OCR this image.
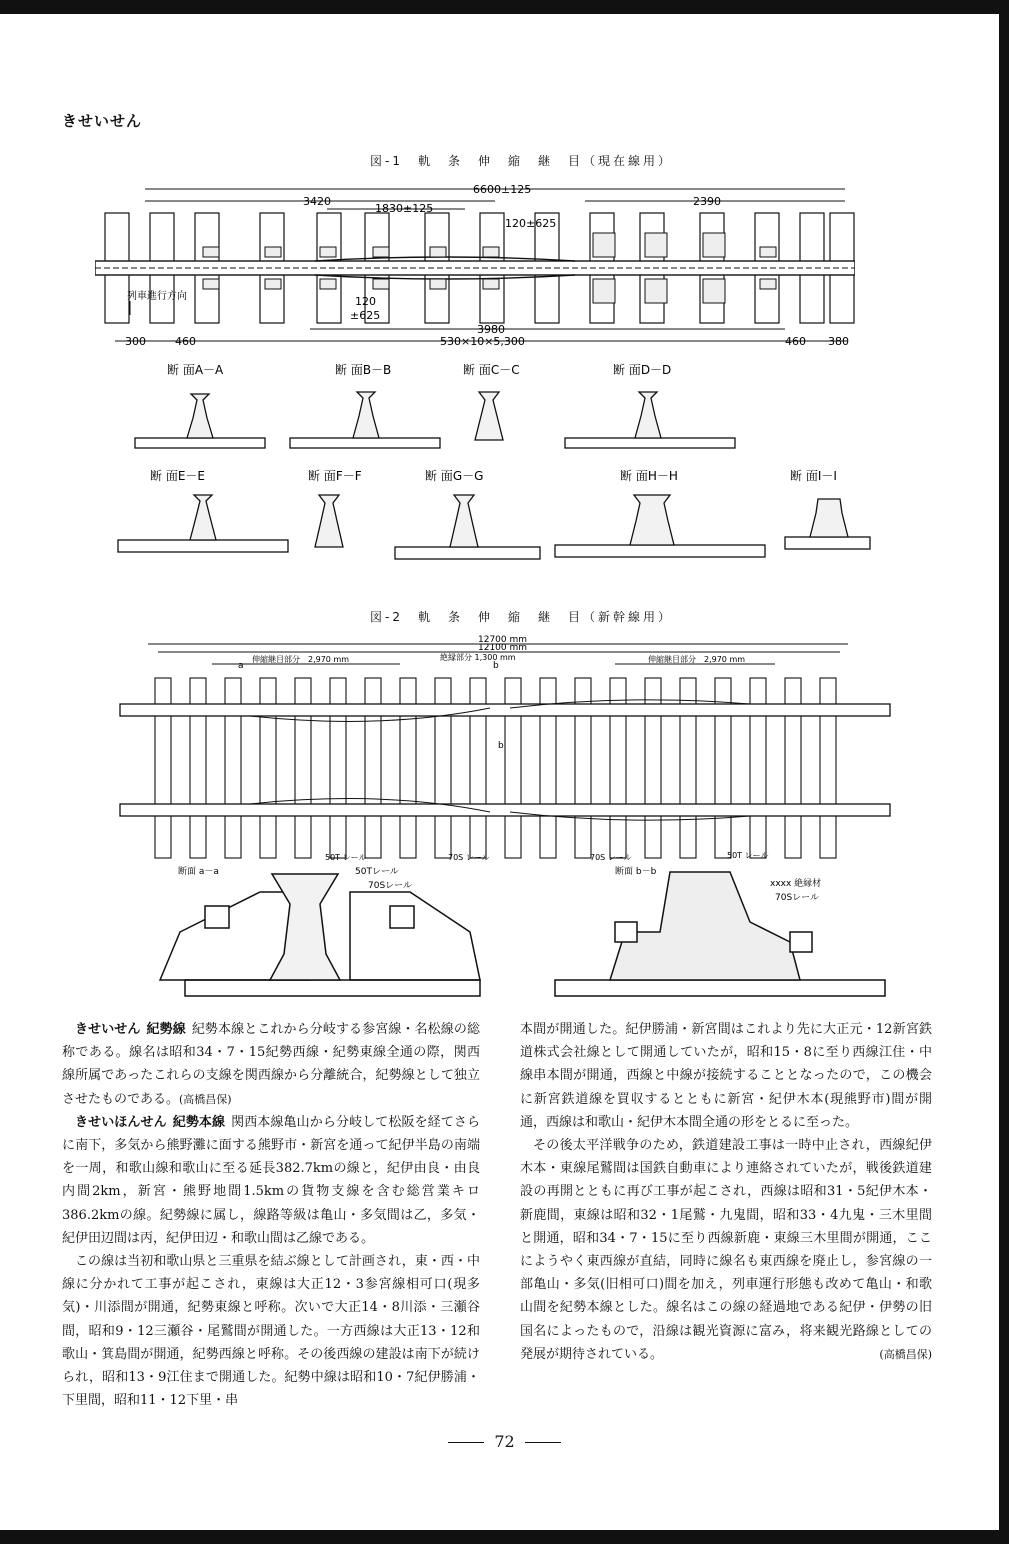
きせいせん
図-1　軌　条　伸　縮　継　目（現在線用）
6600±125
3420	2390
1830±125
120±625
列車進行方向	120
±625
3980
300	460	530×10×5,300	460 380
断 面A－A	断 面B－B	断 面C－C	断 面D－D
断 面E－E	断 面F－F	断 面G－G	断 面H－H	断 面I－I
図-2　軌　条　伸　縮　継　目（新幹線用）
12700 mm
12100 mm
絶縁部分 1,300 mm
伸縮継目部分　2,970 mm	伸縮継目部分　2,970 mm
a	b
b
50T レール	70S レール	70S レール	50T レール
断面 a－a	50Tレール
70Sレール
断面 b－b
xxxx 絶縁材
70Sレール

きせいせん 紀勢線 紀勢本線とこれから分岐する参宮線・名松線の総称である。線名は昭和34・7・15紀勢西線・紀勢東線全通の際，関西線所属であったこれらの支線を関西線から分離統合，紀勢線として独立させたものである。(高橋昌保)

きせいほんせん 紀勢本線 関西本線亀山から分岐して松阪を経てさらに南下，多気から熊野灘に面する熊野市・新宮を通って紀伊半島の南端を一周，和歌山線和歌山に至る延長382.7kmの線と，紀伊由良・由良内間2km，新宮・熊野地間1.5kmの貨物支線を含む総営業キロ386.2kmの線。紀勢線に属し，線路等級は亀山・多気間は乙，多気・紀伊田辺間は丙，紀伊田辺・和歌山間は乙線である。

この線は当初和歌山県と三重県を結ぶ線として計画され，東・西・中線に分かれて工事が起こされ，東線は大正12・3参宮線相可口(現多気)・川添間が開通，紀勢東線と呼称。次いで大正14・8川添・三瀬谷間，昭和9・12三瀬谷・尾鷲間が開通した。一方西線は大正13・12和歌山・箕島間が開通，紀勢西線と呼称。その後西線の建設は南下が続けられ，昭和13・9江住まで開通した。紀勢中線は昭和10・7紀伊勝浦・下里間，昭和11・12下里・串

本間が開通した。紀伊勝浦・新宮間はこれより先に大正元・12新宮鉄道株式会社線として開通していたが，昭和15・8に至り西線江住・中線串本間が開通，西線と中線が接続することとなったので，この機会に新宮鉄道線を買収するとともに新宮・紀伊木本(現熊野市)間が開通，西線は和歌山・紀伊木本間全通の形をとるに至った。

その後太平洋戦争のため，鉄道建設工事は一時中止され，西線紀伊木本・東線尾鷲間は国鉄自動車により連絡されていたが，戦後鉄道建設の再開とともに再び工事が起こされ，西線は昭和31・5紀伊木本・新鹿間，東線は昭和32・1尾鷲・九鬼間，昭和33・4九鬼・三木里間と開通，昭和34・7・15に至り西線新鹿・東線三木里間が開通，ここにようやく東西線が直結，同時に線名も東西線を廃止し，参宮線の一部亀山・多気(旧相可口)間を加え，列車運行形態も改めて亀山・和歌山間を紀勢本線とした。線名はこの線の経過地である紀伊・伊勢の旧国名によったもので，沿線は観光資源に富み，将来観光路線としての発展が期待されている。	(高橋昌保)

72
